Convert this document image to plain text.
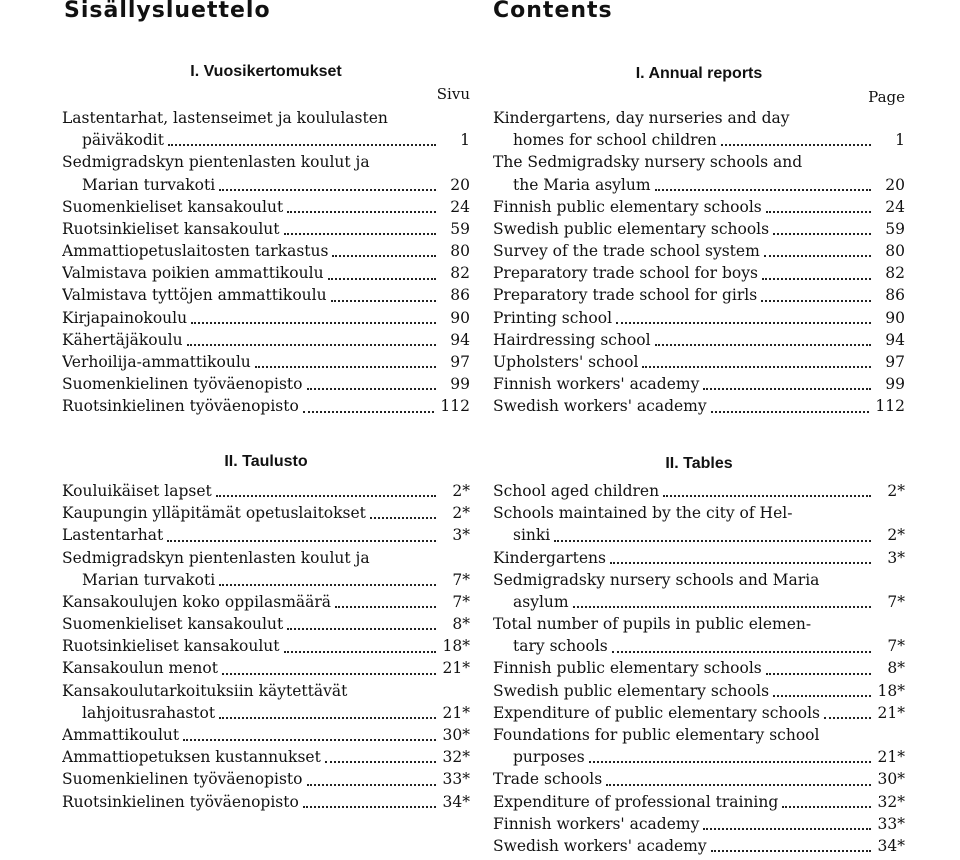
Sisällysluettelo
I. Vuosikertomukset

Sivu

Lastentarhat, lastenseimet ja koululasten
päiväkodit	1
Sedmigradskyn pientenlasten koulut ja
Marian turvakoti	20
Suomenkieliset kansakoulut	24
Ruotsinkieliset kansakoulut	59
Ammattiopetuslaitosten tarkastus	80
Valmistava poikien ammattikoulu	82
Valmistava tyttöjen ammattikoulu	86
Kirjapainokoulu	90
Kähertäjäkoulu	94
Verhoilija-ammattikoulu	97
Suomenkielinen työväenopisto	99
Ruotsinkielinen työväenopisto	112
II. Taulusto
Kouluikäiset lapset	2*
Kaupungin ylläpitämät opetuslaitokset	2*
Lastentarhat	3*
Sedmigradskyn pientenlasten koulut ja
Marian turvakoti	7*
Kansakoulujen koko oppilasmäärä	7*
Suomenkieliset kansakoulut	8*
Ruotsinkieliset kansakoulut	18*
Kansakoulun menot	21*
Kansakoulutarkoituksiin käytettävät
lahjoitusrahastot	21*
Ammattikoulut	30*
Ammattiopetuksen kustannukset	32*
Suomenkielinen työväenopisto	33*
Ruotsinkielinen työväenopisto	34*
Contents
I. Annual reports

Page

Kindergartens, day nurseries and day
homes for school children	1
The Sedmigradsky nursery schools and
the Maria asylum	20
Finnish public elementary schools	24
Swedish public elementary schools	59
Survey of the trade school system	80
Preparatory trade school for boys	82
Preparatory trade school for girls	86
Printing school	90
Hairdressing school	94
Upholsters' school	97
Finnish workers' academy	99
Swedish workers' academy	112
II. Tables
School aged children	2*
Schools maintained by the city of Hel-
sinki	2*
Kindergartens	3*
Sedmigradsky nursery schools and Maria
asylum	7*
Total number of pupils in public elemen-
tary schools	7*
Finnish public elementary schools	8*
Swedish public elementary schools	18*
Expenditure of public elementary schools	21*
Foundations for public elementary school
purposes	21*
Trade schools	30*
Expenditure of professional training	32*
Finnish workers' academy	33*
Swedish workers' academy	34*
